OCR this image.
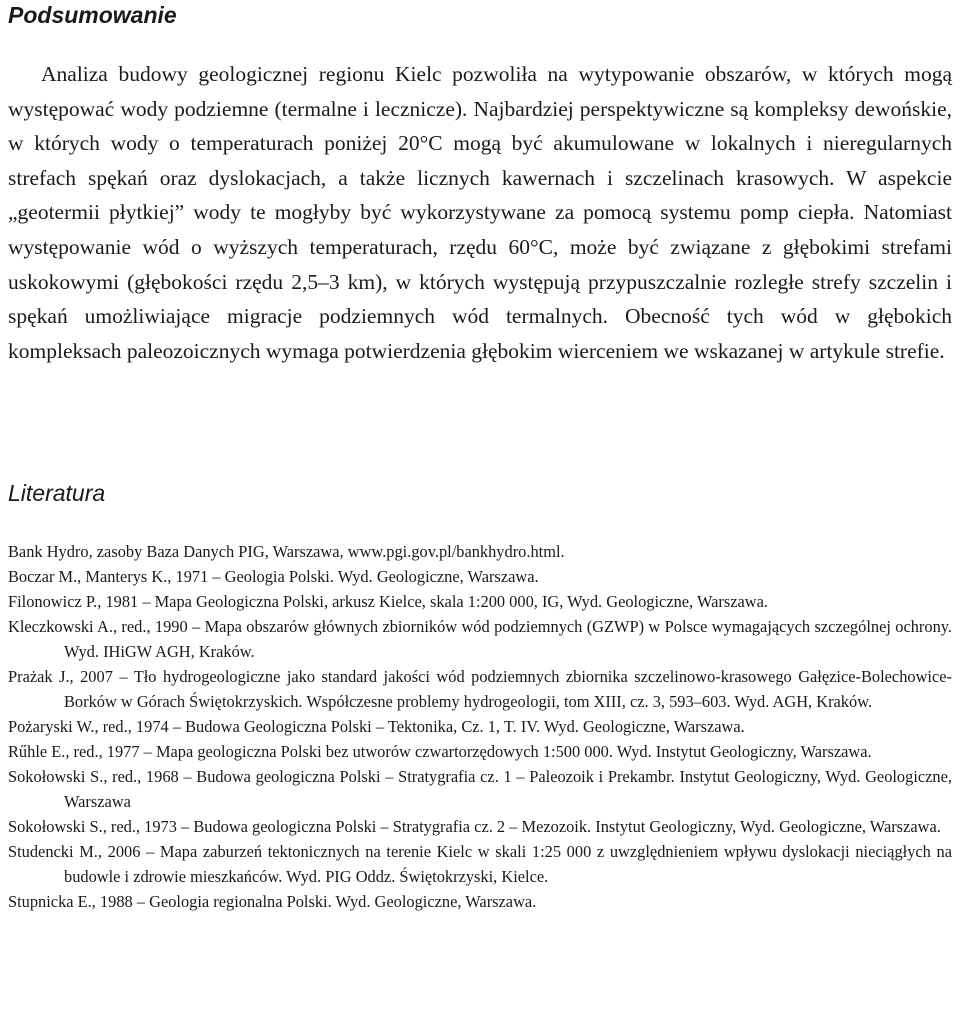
Podsumowanie

Analiza budowy geologicznej regionu Kielc pozwoliła na wytypowanie obszarów, w których mogą występować wody podziemne (termalne i lecznicze). Najbardziej perspektywiczne są kompleksy dewońskie, w których wody o temperaturach poniżej 20°C mogą być akumulowane w lokalnych i nieregularnych strefach spękań oraz dyslokacjach, a także licznych kawernach i szczelinach krasowych. W aspekcie „geotermii płytkiej” wody te mogłyby być wykorzystywane za pomocą systemu pomp ciepła. Natomiast występowanie wód o wyższych temperaturach, rzędu 60°C, może być związane z głębokimi strefami uskokowymi (głębokości rzędu 2,5–3 km), w których występują przypuszczalnie rozległe strefy szczelin i spękań umożliwiające migracje podziemnych wód termalnych. Obecność tych wód w głębokich kompleksach paleozoicznych wymaga potwierdzenia głębokim wierceniem we wskazanej w artykule strefie.

Literatura
Bank Hydro, zasoby Baza Danych PIG, Warszawa, www.pgi.gov.pl/bankhydro.html.
Boczar M., Manterys K., 1971 – Geologia Polski. Wyd. Geologiczne, Warszawa.
Filonowicz P., 1981 – Mapa Geologiczna Polski, arkusz Kielce, skala 1:200 000, IG, Wyd. Geologiczne, Warszawa.
Kleczkowski A., red., 1990 – Mapa obszarów głównych zbiorników wód podziemnych (GZWP) w Polsce wymagających szczególnej ochrony. Wyd. IHiGW AGH, Kraków.
Prażak J., 2007 – Tło hydrogeologiczne jako standard jakości wód podziemnych zbiornika szczelinowo-krasowego Gałęzice-Bolechowice-Borków w Górach Świętokrzyskich. Współczesne problemy hydrogeologii, tom XIII, cz. 3, 593–603. Wyd. AGH, Kraków.
Pożaryski W., red., 1974 – Budowa Geologiczna Polski – Tektonika, Cz. 1, T. IV. Wyd. Geologiczne, Warszawa.
Rűhle E., red., 1977 – Mapa geologiczna Polski bez utworów czwartorzędowych 1:500 000. Wyd. Instytut Geologiczny, Warszawa.
Sokołowski S., red., 1968 – Budowa geologiczna Polski – Stratygrafia cz. 1 – Paleozoik i Prekambr. Instytut Geologiczny, Wyd. Geologiczne, Warszawa
Sokołowski S., red., 1973 – Budowa geologiczna Polski – Stratygrafia cz. 2 – Mezozoik. Instytut Geologiczny, Wyd. Geologiczne, Warszawa.
Studencki M., 2006 – Mapa zaburzeń tektonicznych na terenie Kielc w skali 1:25 000 z uwzględnieniem wpływu dyslokacji nieciągłych na budowle i zdrowie mieszkańców. Wyd. PIG Oddz. Świętokrzyski, Kielce.
Stupnicka E., 1988 – Geologia regionalna Polski. Wyd. Geologiczne, Warszawa.
